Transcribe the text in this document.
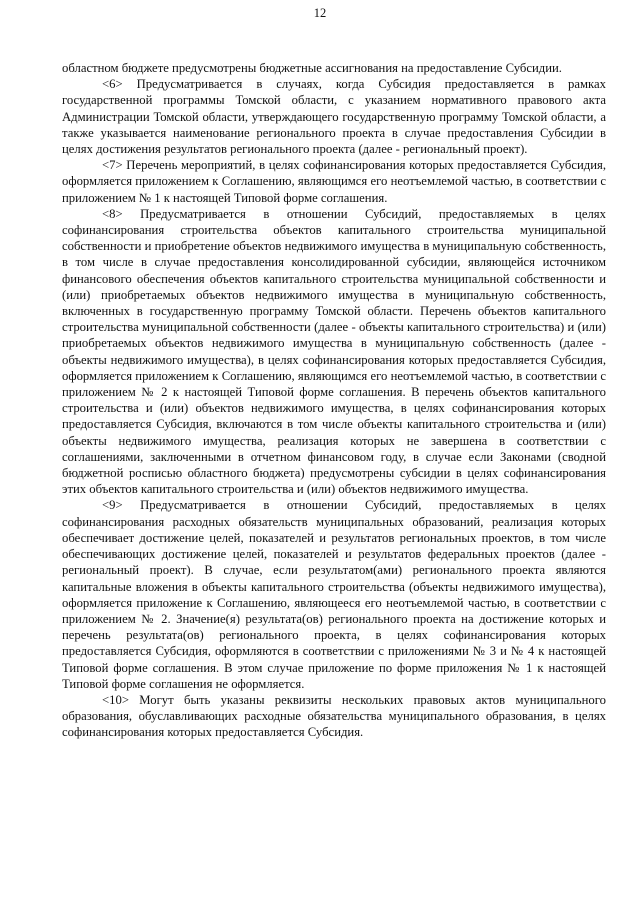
12

областном бюджете предусмотрены бюджетные ассигнования на предоставление Субсидии.

<6> Предусматривается в случаях, когда Субсидия предоставляется в рамках государственной программы Томской области, с указанием нормативного правового акта Администрации Томской области, утверждающего государственную программу Томской области, а также указывается наименование регионального проекта в случае предоставления Субсидии в целях достижения результатов регионального проекта (далее - региональный проект).

<7> Перечень мероприятий, в целях софинансирования которых предоставляется Субсидия, оформляется приложением к Соглашению, являющимся его неотъемлемой частью, в соответствии с приложением № 1 к настоящей Типовой форме соглашения.

<8> Предусматривается в отношении Субсидий, предоставляемых в целях софинансирования строительства объектов капитального строительства муниципальной собственности и приобретение объектов недвижимого имущества в муниципальную собственность, в том числе в случае предоставления консолидированной субсидии, являющейся источником финансового обеспечения объектов капитального строительства муниципальной собственности и (или) приобретаемых объектов недвижимого имущества в муниципальную собственность, включенных в государственную программу Томской области. Перечень объектов капитального строительства муниципальной собственности (далее - объекты капитального строительства) и (или) приобретаемых объектов недвижимого имущества в муниципальную собственность (далее - объекты недвижимого имущества), в целях софинансирования которых предоставляется Субсидия, оформляется приложением к Соглашению, являющимся его неотъемлемой частью, в соответствии с приложением № 2 к настоящей Типовой форме соглашения. В перечень объектов капитального строительства и (или) объектов недвижимого имущества, в целях софинансирования которых предоставляется Субсидия, включаются в том числе объекты капитального строительства и (или) объекты недвижимого имущества, реализация которых не завершена в соответствии с соглашениями, заключенными в отчетном финансовом году, в случае если Законами (сводной бюджетной росписью областного бюджета) предусмотрены субсидии в целях софинансирования этих объектов капитального строительства и (или) объектов недвижимого имущества.

<9> Предусматривается в отношении Субсидий, предоставляемых в целях софинансирования расходных обязательств муниципальных образований, реализация которых обеспечивает достижение целей, показателей и результатов региональных проектов, в том числе обеспечивающих достижение целей, показателей и результатов федеральных проектов (далее - региональный проект). В случае, если результатом(ами) регионального проекта являются капитальные вложения в объекты капитального строительства (объекты недвижимого имущества), оформляется приложение к Соглашению, являющееся его неотъемлемой частью, в соответствии с приложением № 2. Значение(я) результата(ов) регионального проекта на достижение которых и перечень результата(ов) регионального проекта, в целях софинансирования которых предоставляется Субсидия, оформляются в соответствии с приложениями № 3 и № 4 к настоящей Типовой форме соглашения. В этом случае приложение по форме приложения № 1 к настоящей Типовой форме соглашения не оформляется.

<10> Могут быть указаны реквизиты нескольких правовых актов муниципального образования, обуславливающих расходные обязательства муниципального образования, в целях софинансирования которых предоставляется Субсидия.
